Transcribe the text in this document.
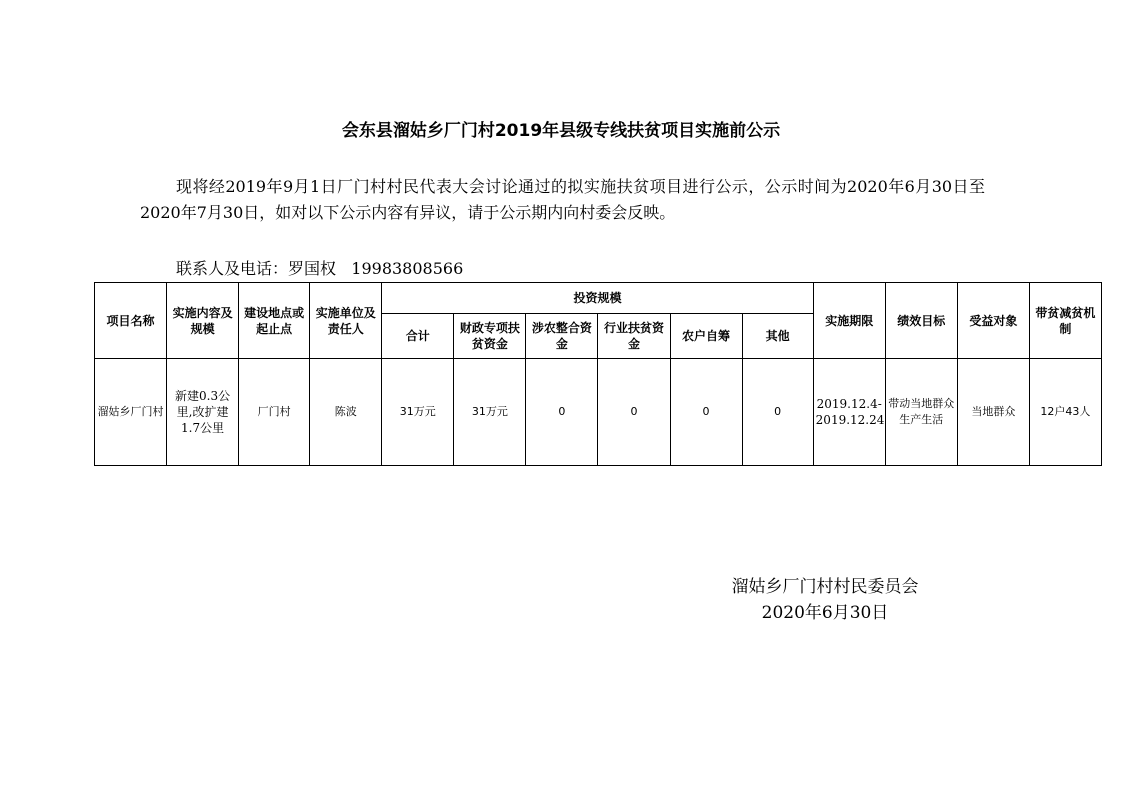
会东县溜姑乡厂门村2019年县级专线扶贫项目实施前公示

现将经2019年9月1日厂门村村民代表大会讨论通过的拟实施扶贫项目进行公示，公示时间为2020年6月30日至2020年7月30日，如对以下公示内容有异议，请于公示期内向村委会反映。

联系人及电话：罗国权 19983808566
项目名称	实施内容及规模	建设地点或起止点	实施单位及责任人	投资规模						实施期限	绩效目标	受益对象	带贫减贫机制
				合计	财政专项扶贫资金	涉农整合资金	行业扶贫资金	农户自筹	其他				
溜姑乡厂门村	新建0.3公里,改扩建1.7公里	厂门村	陈波	31万元	31万元	0	0	0	0	2019.12.4-2019.12.24	带动当地群众生产生活	当地群众	12户43人
溜姑乡厂门村村民委员会
2020年6月30日
